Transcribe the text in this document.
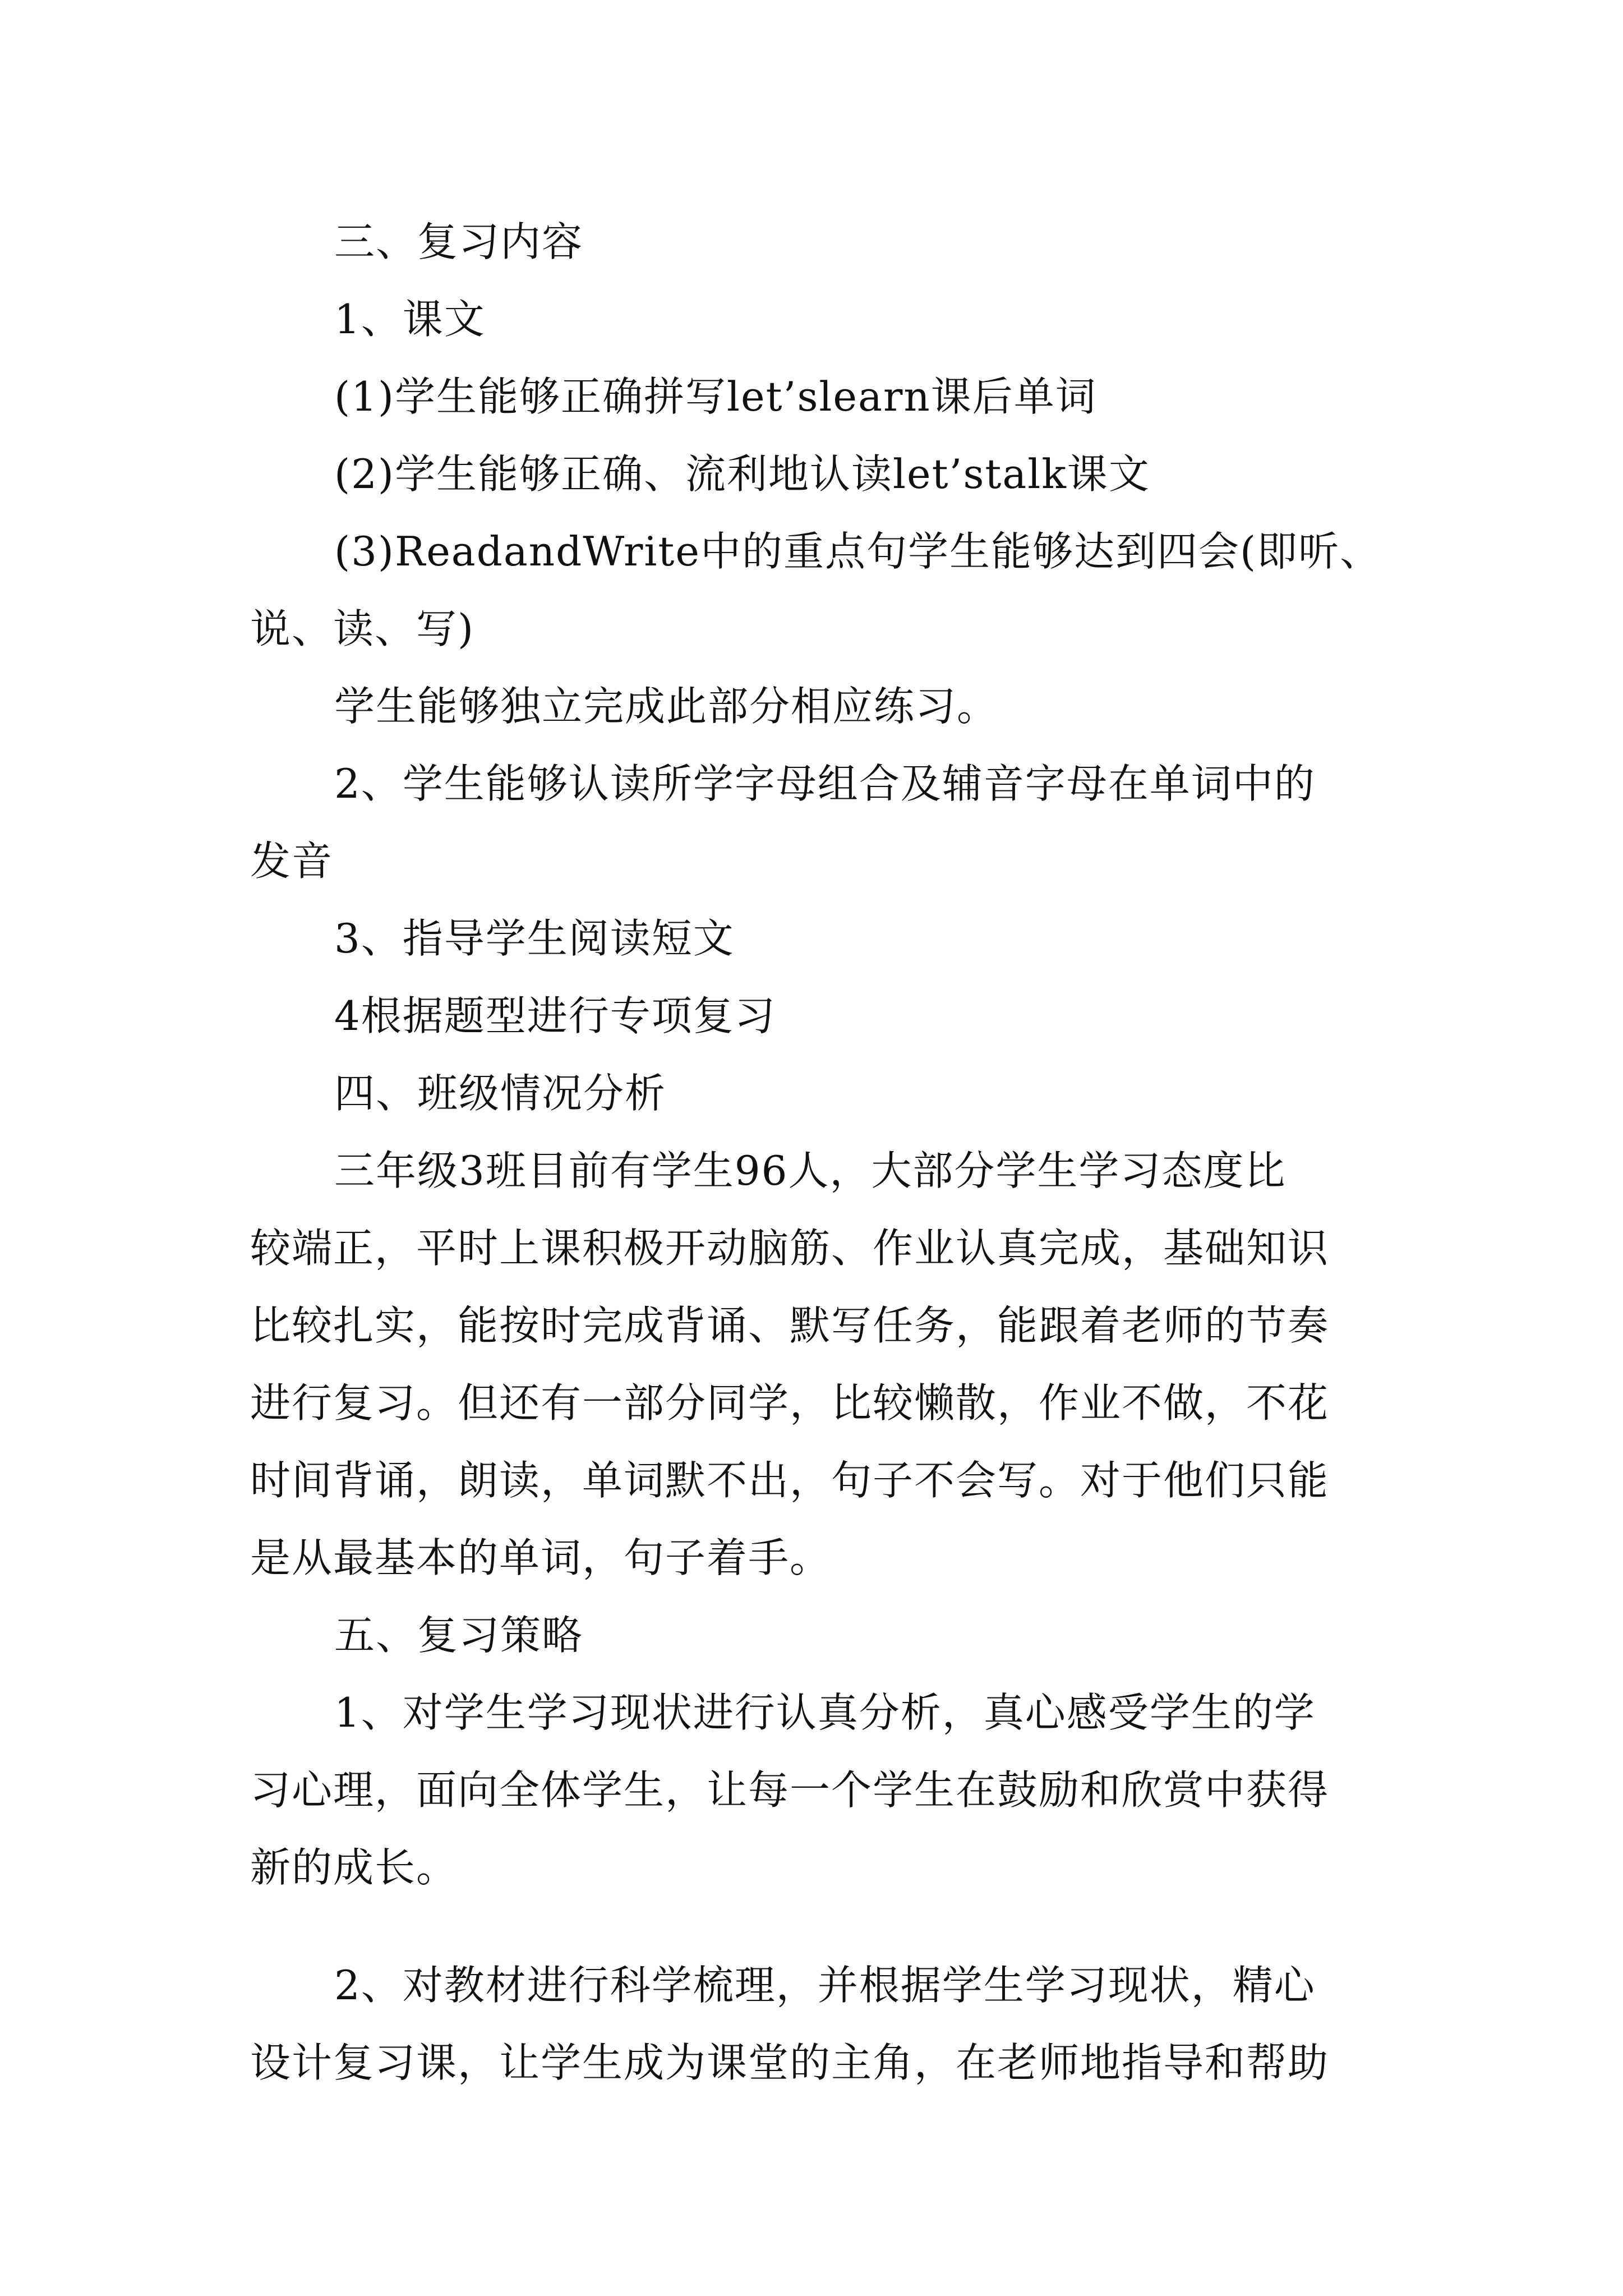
三、复习内容
1、课文
(1)学生能够正确拼写let’slearn课后单词
(2)学生能够正确、流利地认读let’stalk课文
(3)ReadandWrite中的重点句学生能够达到四会(即听、
说、读、写)
学生能够独立完成此部分相应练习。
2、学生能够认读所学字母组合及辅音字母在单词中的
发音
3、指导学生阅读短文
4根据题型进行专项复习
四、班级情况分析
三年级3班目前有学生96人，大部分学生学习态度比
较端正，平时上课积极开动脑筋、作业认真完成，基础知识
比较扎实，能按时完成背诵、默写任务，能跟着老师的节奏
进行复习。但还有一部分同学，比较懒散，作业不做，不花
时间背诵，朗读，单词默不出，句子不会写。对于他们只能
是从最基本的单词，句子着手。
五、复习策略
1、对学生学习现状进行认真分析，真心感受学生的学
习心理，面向全体学生，让每一个学生在鼓励和欣赏中获得
新的成长。
2、对教材进行科学梳理，并根据学生学习现状，精心
设计复习课，让学生成为课堂的主角，在老师地指导和帮助
